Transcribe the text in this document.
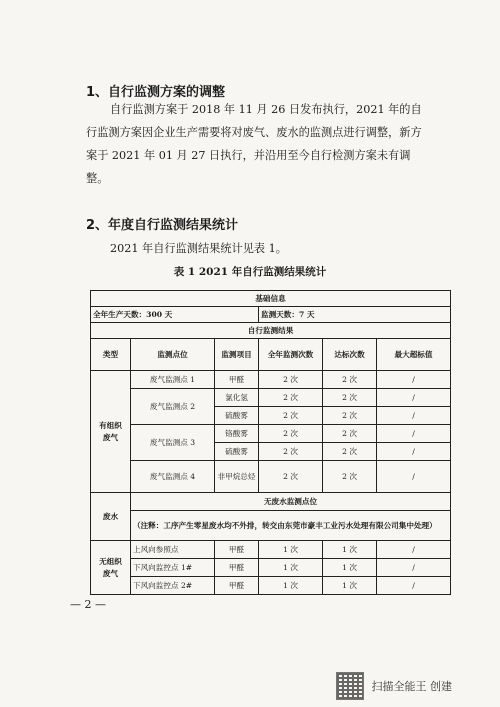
1、自行监测方案的调整
自行监测方案于 2018 年 11 月 26 日发布执行，2021 年的自行监测方案因企业生产需要将对废气、废水的监测点进行调整，新方案于 2021 年 01 月 27 日执行，并沿用至今自行检测方案未有调整。
2、年度自行监测结果统计
2021 年自行监测结果统计见表 1。
表 1 2021 年自行监测结果统计
基础信息					
全年生产天数：300 天			监测天数：7 天		
自行监测结果					
类型	监测点位	监测项目	全年监测次数	达标次数	最大超标值
有组织废气	废气监测点 1	甲醛	2 次	2 次	/
	废气监测点 2	氯化氢	2 次	2 次	/
		硫酸雾	2 次	2 次	/
	废气监测点 3	铬酸雾	2 次	2 次	/
		硫酸雾	2 次	2 次	/
	废气监测点 4	非甲烷总烃	2 次	2 次	/
废水	无废水监测点位				
	（注释：工序产生零星废水均不外排，转交由东莞市豪丰工业污水处理有限公司集中处理）				
无组织废气	上风向参照点	甲醛	1 次	1 次	/
	下风向监控点 1#	甲醛	1 次	1 次	/
	下风向监控点 2#	甲醛	1 次	1 次	/
— 2 —
扫描全能王 创建
